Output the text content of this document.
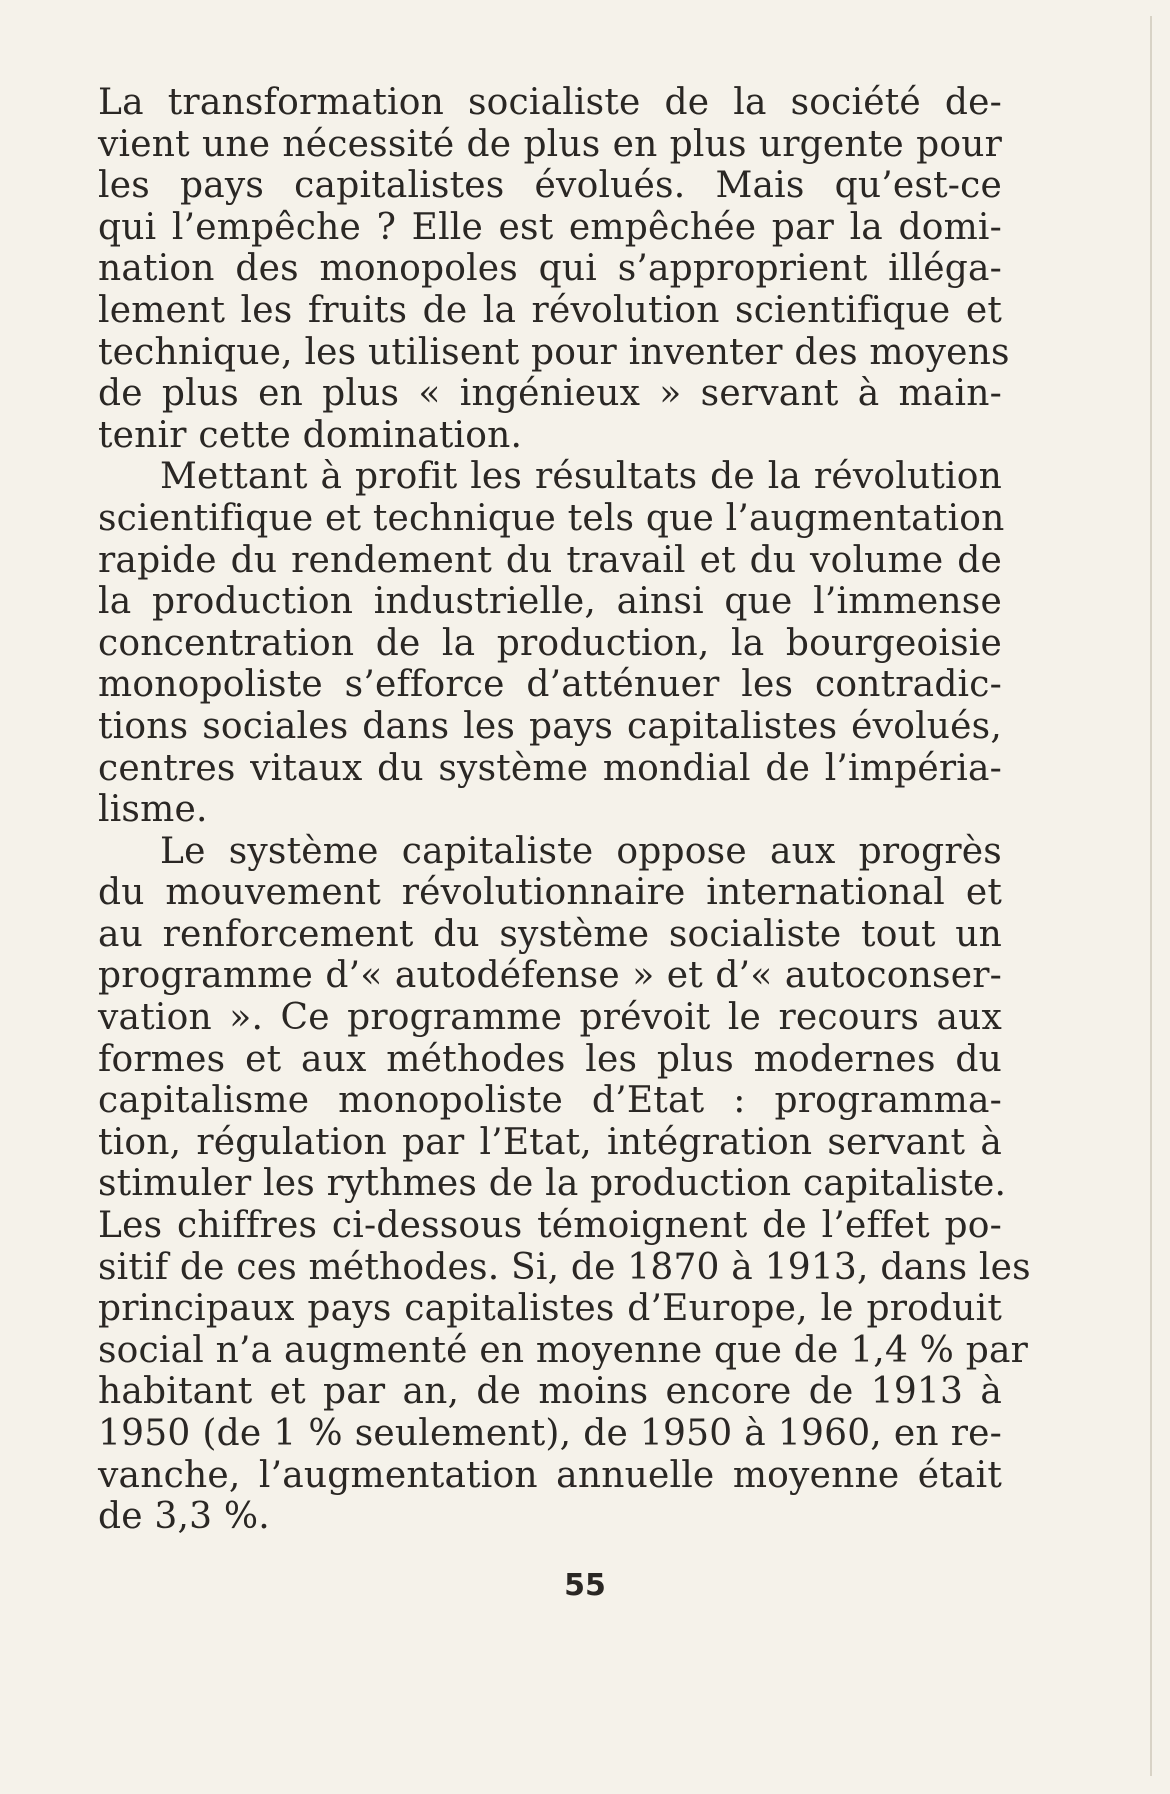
La transformation socialiste de la société de-
vient une nécessité de plus en plus urgente pour
les pays capitalistes évolués. Mais qu’est-ce
qui l’empêche ? Elle est empêchée par la domi-
nation des monopoles qui s’approprient illéga-
lement les fruits de la révolution scientifique et
technique, les utilisent pour inventer des moyens
de plus en plus « ingénieux » servant à main-
tenir cette domination.
Mettant à profit les résultats de la révolution
scientifique et technique tels que l’augmentation
rapide du rendement du travail et du volume de
la production industrielle, ainsi que l’immense
concentration de la production, la bourgeoisie
monopoliste s’efforce d’atténuer les contradic-
tions sociales dans les pays capitalistes évolués,
centres vitaux du système mondial de l’impéria-
lisme.
Le système capitaliste oppose aux progrès
du mouvement révolutionnaire international et
au renforcement du système socialiste tout un
programme d’« autodéfense » et d’« autoconser-
vation ». Ce programme prévoit le recours aux
formes et aux méthodes les plus modernes du
capitalisme monopoliste d’Etat : programma-
tion, régulation par l’Etat, intégration servant à
stimuler les rythmes de la production capitaliste.
Les chiffres ci-dessous témoignent de l’effet po-
sitif de ces méthodes. Si, de 1870 à 1913, dans les
principaux pays capitalistes d’Europe, le produit
social n’a augmenté en moyenne que de 1,4 % par
habitant et par an, de moins encore de 1913 à
1950 (de 1 % seulement), de 1950 à 1960, en re-
vanche, l’augmentation annuelle moyenne était
de 3,3 %.
55
